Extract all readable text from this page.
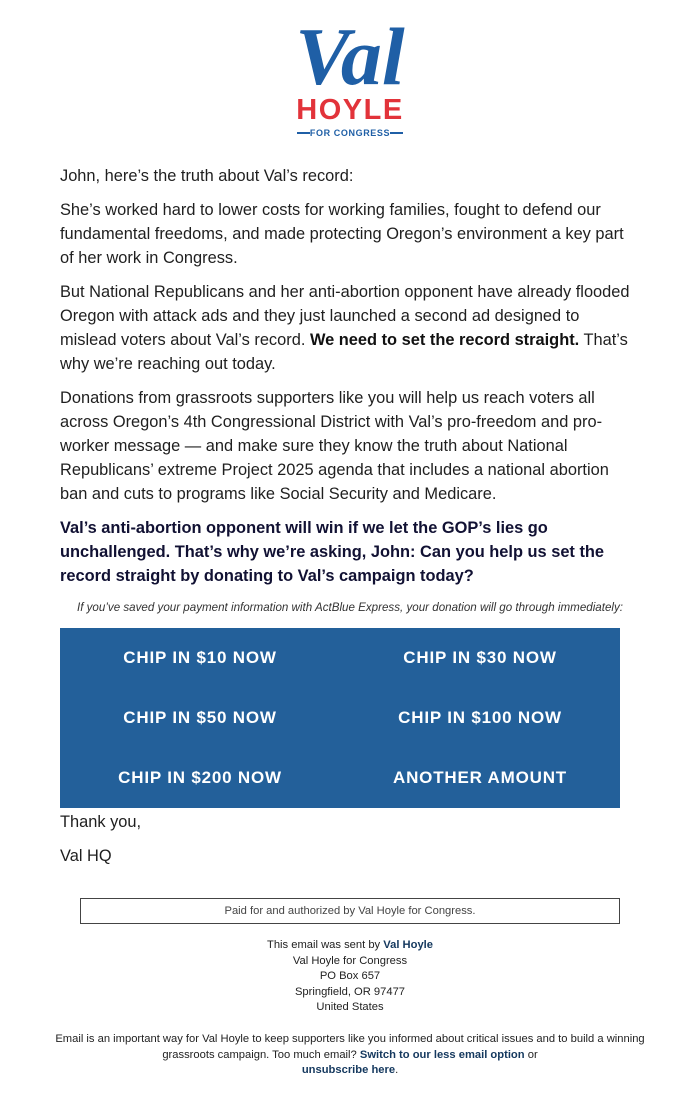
Val
HOYLE
FOR CONGRESS

John, here’s the truth about Val’s record:

She’s worked hard to lower costs for working families, fought to defend our fundamental freedoms, and made protecting Oregon’s environment a key part of her work in Congress.

But National Republicans and her anti-abortion opponent have already flooded Oregon with attack ads and they just launched a second ad designed to mislead voters about Val’s record. We need to set the record straight. That’s why we’re reaching out today.

Donations from grassroots supporters like you will help us reach voters all across Oregon’s 4th Congressional District with Val’s pro-freedom and pro-worker message — and make sure they know the truth about National Republicans’ extreme Project 2025 agenda that includes a national abortion ban and cuts to programs like Social Security and Medicare.

Val’s anti-abortion opponent will win if we let the GOP’s lies go unchallenged. That’s why we’re asking, John: Can you help us set the record straight by donating to Val’s campaign today?

If you’ve saved your payment information with ActBlue Express, your donation will go through immediately:

CHIP IN $10 NOW	CHIP IN $30 NOW
CHIP IN $50 NOW	CHIP IN $100 NOW
CHIP IN $200 NOW	ANOTHER AMOUNT

Thank you,

Val HQ

Paid for and authorized by Val Hoyle for Congress.
This email was sent by Val Hoyle
Val Hoyle for Congress
PO Box 657
Springfield, OR 97477
United States
Email is an important way for Val Hoyle to keep supporters like you informed about critical issues and to build a winning grassroots campaign. Too much email? Switch to our less email option or
unsubscribe here.
